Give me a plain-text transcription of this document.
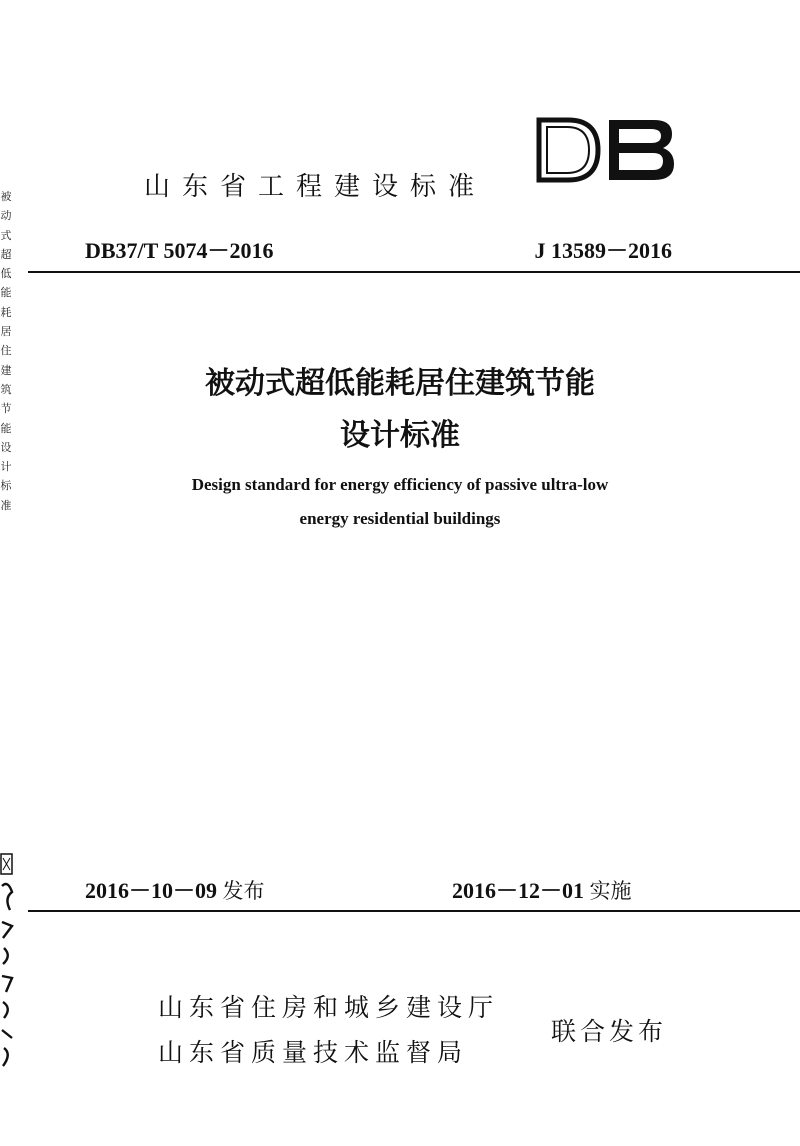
被
动
式
超
低
能
耗
居
住
建
筑
节
能
设
计
标
准
山东省工程建设标准
DB37/T 5074－2016	J 13589－2016
被动式超低能耗居住建筑节能
设计标准
Design standard for energy efficiency of passive ultra-low
energy residential buildings
2016－10－09 发布	2016－12－01 实施
山东省住房和城乡建设厅
山东省质量技术监督局
联合发布
